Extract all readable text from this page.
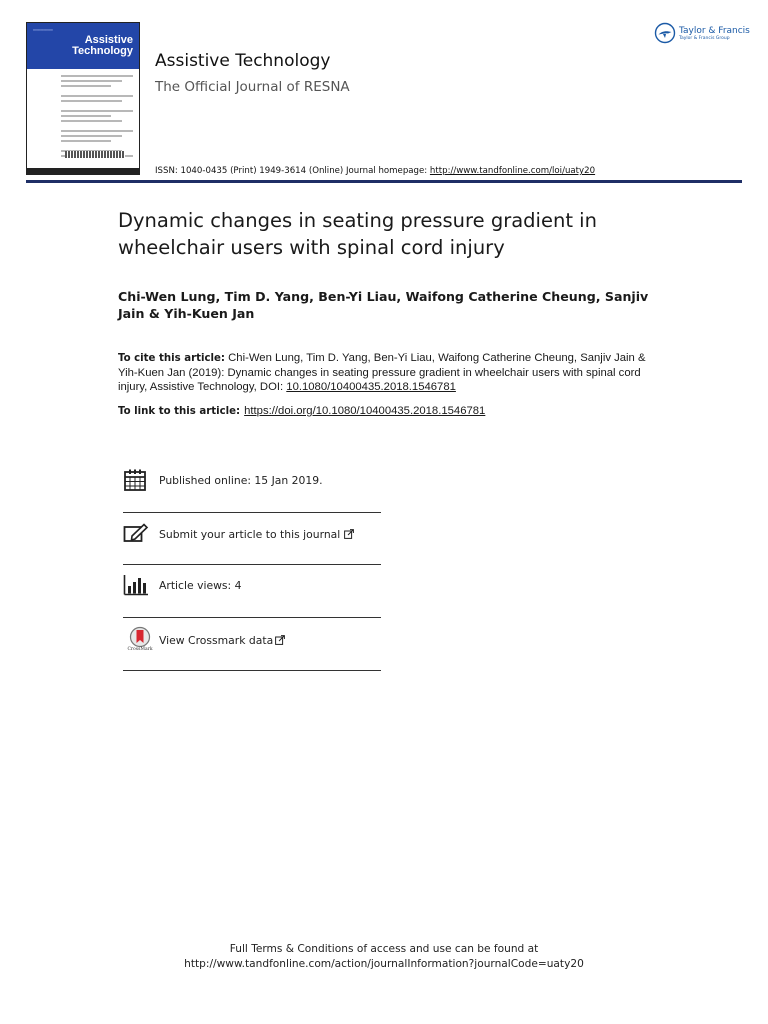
━━━━━━━━━━━
Assistive
Technology Assistive Technology
The Official Journal of RESNA
ISSN: 1040-0435 (Print) 1949-3614 (Online) Journal homepage: http://www.tandfonline.com/loi/uaty20
Taylor & Francis
Taylor & Francis Group
Dynamic changes in seating pressure gradient in wheelchair users with spinal cord injury
Chi-Wen Lung, Tim D. Yang, Ben-Yi Liau, Waifong Catherine Cheung, Sanjiv Jain & Yih-Kuen Jan
To cite this article: Chi-Wen Lung, Tim D. Yang, Ben-Yi Liau, Waifong Catherine Cheung, Sanjiv Jain & Yih-Kuen Jan (2019): Dynamic changes in seating pressure gradient in wheelchair users with spinal cord injury, Assistive Technology, DOI: 10.1080/10400435.2018.1546781
To link to this article: https://doi.org/10.1080/10400435.2018.1546781
Published online: 15 Jan 2019.
Submit your article to this journal
Article views: 4
CrossMark
View Crossmark data
Full Terms & Conditions of access and use can be found at
http://www.tandfonline.com/action/journalInformation?journalCode=uaty20
